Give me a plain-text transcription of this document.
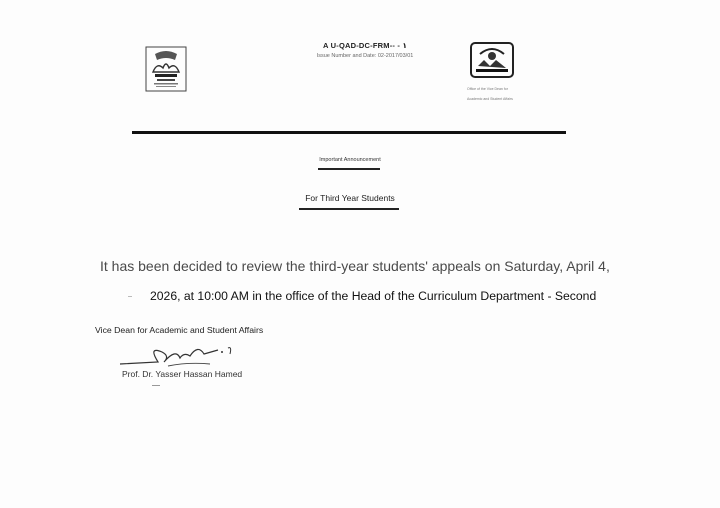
A U-QAD-DC-FRM-- - ١
Issue Number and Date: 02-2017/03/01
Office of the Vice Dean for
Academic and Student Affairs
Important Announcement
For Third Year Students
It has been decided to review the third-year students' appeals on Saturday, April 4,
2026, at 10:00 AM in the office of the Head of the Curriculum Department - Second
Vice Dean for Academic and Student Affairs
Prof. Dr. Yasser Hassan Hamed
